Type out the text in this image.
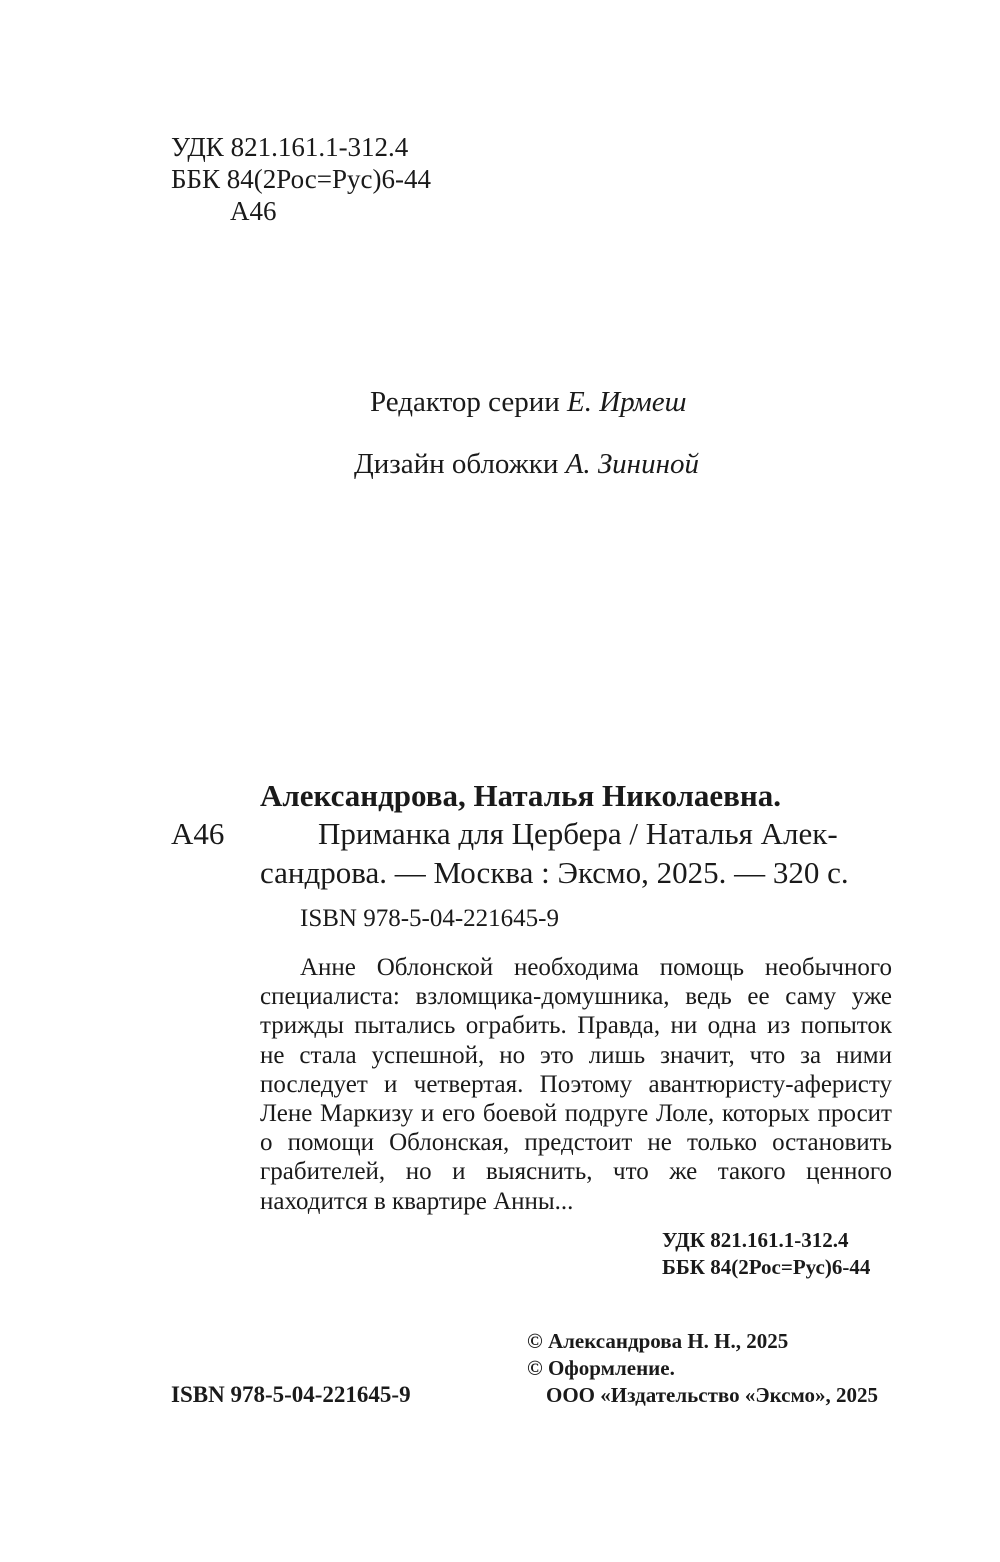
УДК 821.161.1-312.4
ББК 84(2Рос=Рус)6-44
А46
Редактор серии Е. Ирмеш
Дизайн обложки А. Зининой
Александрова, Наталья Николаевна.
А46	Приманка для Цербера / Наталья Алек-
сандрова. — Москва : Эксмо, 2025. — 320 с.
ISBN 978-5-04-221645-9
Анне Облонской необходима помощь необычного специалиста: взломщика-домушника, ведь ее саму уже трижды пытались ограбить. Правда, ни одна из попыток не стала успешной, но это лишь значит, что за ними последует и четвертая. Поэтому авантюристу-аферисту Лене Маркизу и его боевой подруге Лоле, которых просит о помощи Облонская, предстоит не только остановить грабителей, но и выяснить, что же такого ценного находится в квартире Анны...
УДК 821.161.1-312.4
ББК 84(2Рос=Рус)6-44
© Александрова Н. Н., 2025
© Оформление.
ООО «Издательство «Эксмо», 2025
ISBN 978-5-04-221645-9
